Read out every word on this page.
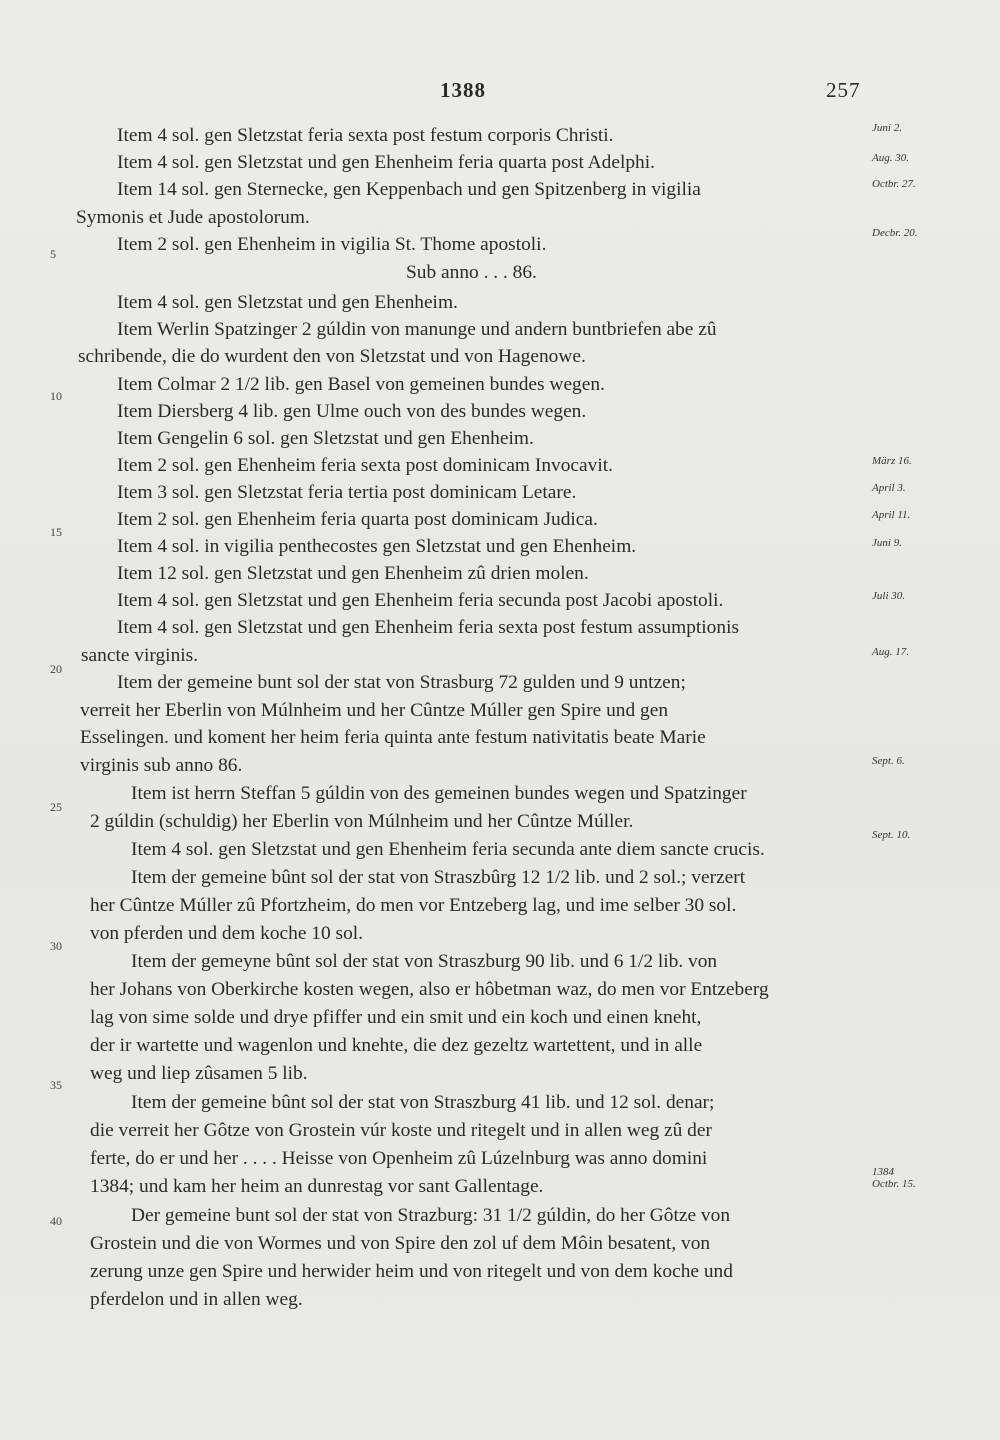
1388	257
Item 4 sol. gen Sletzstat feria sexta post festum corporis Christi.
Item 4 sol. gen Sletzstat und gen Ehenheim feria quarta post Adelphi.
Item 14 sol. gen Sternecke, gen Keppenbach und gen Spitzenberg in vigilia
Symonis et Jude apostolorum.
Item 2 sol. gen Ehenheim in vigilia St. Thome apostoli.
Sub anno . . . 86.
Item 4 sol. gen Sletzstat und gen Ehenheim.
Item Werlin Spatzinger 2 gúldin von manunge und andern buntbriefen abe zû
schribende, die do wurdent den von Sletzstat und von Hagenowe.
Item Colmar 2 1/2 lib. gen Basel von gemeinen bundes wegen.
Item Diersberg 4 lib. gen Ulme ouch von des bundes wegen.
Item Gengelin 6 sol. gen Sletzstat und gen Ehenheim.
Item 2 sol. gen Ehenheim feria sexta post dominicam Invocavit.
Item 3 sol. gen Sletzstat feria tertia post dominicam Letare.
Item 2 sol. gen Ehenheim feria quarta post dominicam Judica.
Item 4 sol. in vigilia penthecostes gen Sletzstat und gen Ehenheim.
Item 12 sol. gen Sletzstat und gen Ehenheim zû drien molen.
Item 4 sol. gen Sletzstat und gen Ehenheim feria secunda post Jacobi apostoli.
Item 4 sol. gen Sletzstat und gen Ehenheim feria sexta post festum assumptionis
sancte virginis.
Item der gemeine bunt sol der stat von Strasburg 72 gulden und 9 untzen;
verreit her Eberlin von Múlnheim und her Cûntze Múller gen Spire und gen
Esselingen. und koment her heim feria quinta ante festum nativitatis beate Marie
virginis sub anno 86.
Item ist herrn Steffan 5 gúldin von des gemeinen bundes wegen und Spatzinger
2 gúldin (schuldig) her Eberlin von Múlnheim und her Cûntze Múller.
Item 4 sol. gen Sletzstat und gen Ehenheim feria secunda ante diem sancte crucis.
Item der gemeine bûnt sol der stat von Straszbûrg 12 1/2 lib. und 2 sol.; verzert
her Cûntze Múller zû Pfortzheim, do men vor Entzeberg lag, und ime selber 30 sol.
von pferden und dem koche 10 sol.
Item der gemeyne bûnt sol der stat von Straszburg 90 lib. und 6 1/2 lib. von
her Johans von Oberkirche kosten wegen, also er hôbetman waz, do men vor Entzeberg
lag von sime solde und drye pfiffer und ein smit und ein koch und einen kneht,
der ir wartette und wagenlon und knehte, die dez gezeltz wartettent, und in alle
weg und liep zûsamen 5 lib.
Item der gemeine bûnt sol der stat von Straszburg 41 lib. und 12 sol. denar;
die verreit her Gôtze von Grostein vúr koste und ritegelt und in allen weg zû der
ferte, do er und her . . . . Heisse von Openheim zû Lúzelnburg was anno domini
1384; und kam her heim an dunrestag vor sant Gallentage.
Der gemeine bunt sol der stat von Strazburg: 31 1/2 gúldin, do her Gôtze von
Grostein und die von Wormes und von Spire den zol uf dem Môin besatent, von
zerung unze gen Spire und herwider heim und von ritegelt und von dem koche und
pferdelon und in allen weg.
5
10
15
20
25
30
35
40
Juni 2.
Aug. 30.
Octbr. 27.
Decbr. 20.
März 16.
April 3.
April 11.
Juni 9.
Juli 30.
Aug. 17.
Sept. 6.
Sept. 10.
1384
Octbr. 15.
